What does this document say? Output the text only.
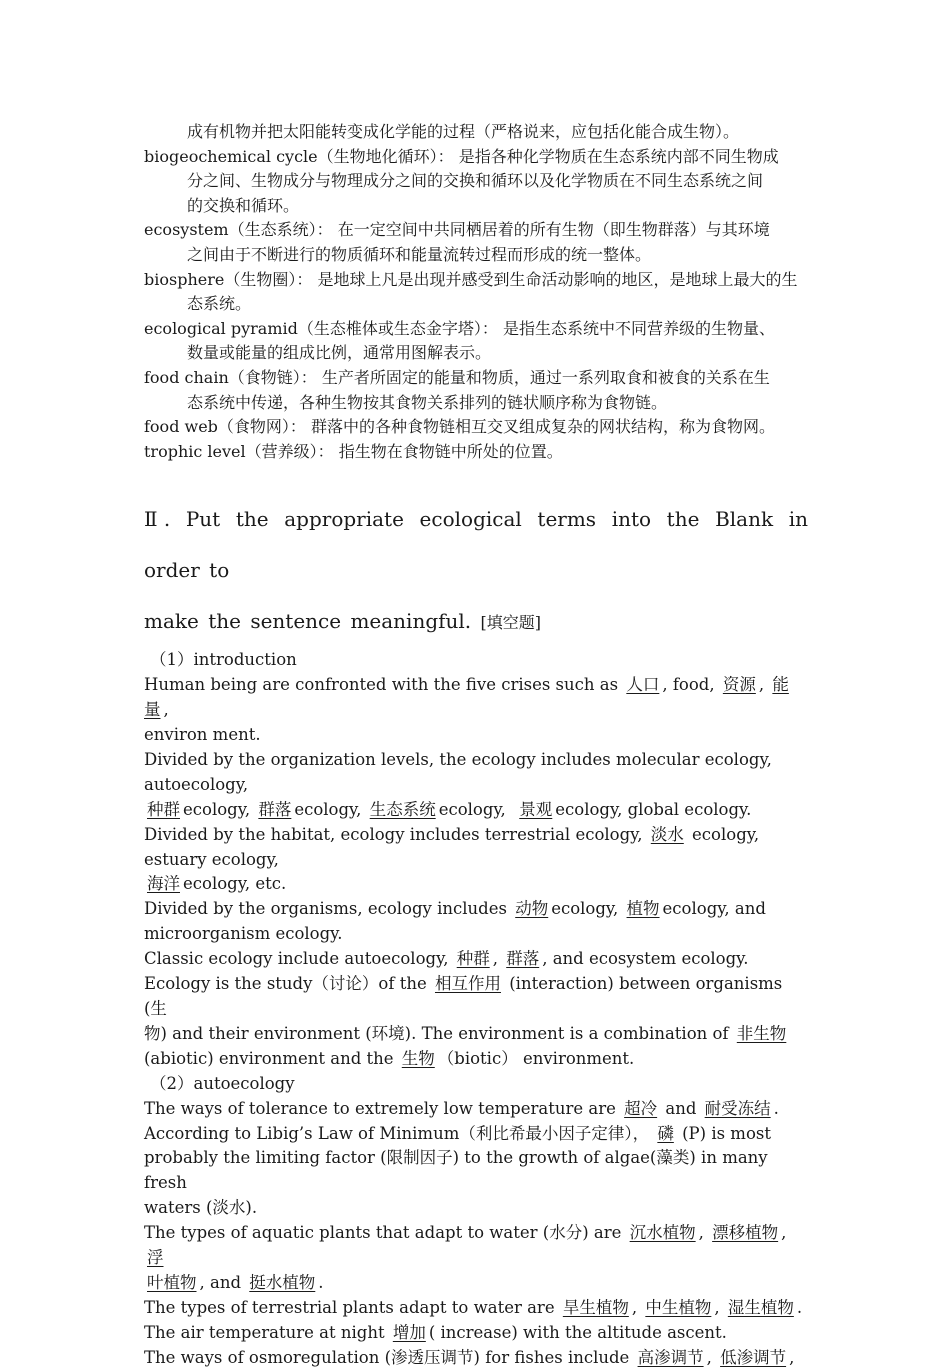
成有机物并把太阳能转变成化学能的过程（严格说来，应包括化能合成生物）。
biogeochemical cycle（生物地化循环）： 是指各种化学物质在生态系统内部不同生物成
分之间、生物成分与物理成分之间的交换和循环以及化学物质在不同生态系统之间
的交换和循环。
ecosystem（生态系统）： 在一定空间中共同栖居着的所有生物（即生物群落）与其环境
之间由于不断进行的物质循环和能量流转过程而形成的统一整体。
biosphere（生物圈）： 是地球上凡是出现并感受到生命活动影响的地区，是地球上最大的生
态系统。
ecological pyramid（生态椎体或生态金字塔）： 是指生态系统中不同营养级的生物量、
数量或能量的组成比例，通常用图解表示。
food chain（食物链）： 生产者所固定的能量和物质，通过一系列取食和被食的关系在生
态系统中传递，各种生物按其食物关系排列的链状顺序称为食物链。
food web（食物网）： 群落中的各种食物链相互交叉组成复杂的网状结构，称为食物网。
trophic level（营养级）： 指生物在食物链中所处的位置。
Ⅱ. Put the appropriate ecological terms into the Blank in order to
make the sentence meaningful. [填空题]
（1）introduction
Human being are confronted with the five crises such as 人口 , food, 资源 , 能量 ,
environ ment.
Divided by the organization levels, the ecology includes molecular ecology,
autoecology,
种群 ecology, 群落 ecology, 生态系统 ecology, 景观 ecology, global ecology.
Divided by the habitat, ecology includes terrestrial ecology, 淡水 ecology,
estuary ecology,
海洋 ecology, etc.
Divided by the organisms, ecology includes 动物 ecology, 植物 ecology, and
microorganism ecology.
Classic ecology include autoecology, 种群 , 群落 , and ecosystem ecology.
Ecology is the study（讨论）of the 相互作用 (interaction) between organisms (生
物) and their environment (环境). The environment is a combination of 非生物
(abiotic) environment and the 生物 （biotic） environment.
（2）autoecology
The ways of tolerance to extremely low temperature are 超冷 and 耐受冻结 .
According to Libig’s Law of Minimum（利比希最小因子定律）， 磷 (P) is most
probably the limiting factor (限制因子) to the growth of algae(藻类) in many fresh
waters (淡水).
The types of aquatic plants that adapt to water (水分) are 沉水植物 , 漂移植物 , 浮
叶植物 , and 挺水植物 .
The types of terrestrial plants adapt to water are 旱生植物 , 中生植物 , 湿生植物 .
The air temperature at night 增加 ( increase) with the altitude ascent.
The ways of osmoregulation (渗透压调节) for fishes include 高渗调节 , 低渗调节 ,
